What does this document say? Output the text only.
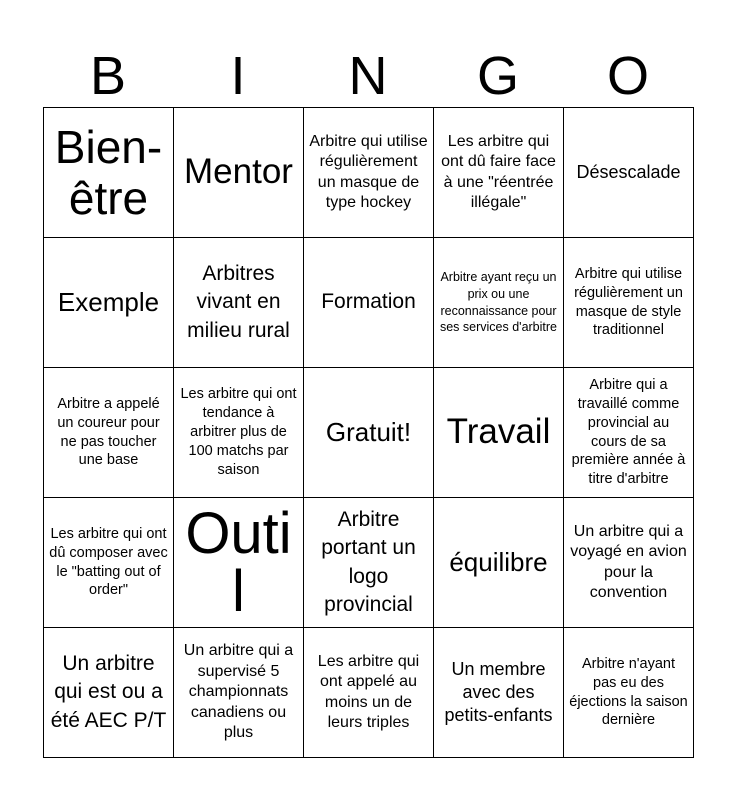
B	I	N	G	O
Bien-être	Mentor	Arbitre qui utilise régulièrement un masque de type hockey	Les arbitre qui ont dû faire face à une "réentrée illégale"	Désescalade
Exemple	Arbitres vivant en milieu rural	Formation	Arbitre ayant reçu un prix ou une reconnaissance pour ses services d'arbitre	Arbitre qui utilise régulièrement un masque de style traditionnel
Arbitre a appelé un coureur pour ne pas toucher une base	Les arbitre qui ont tendance à arbitrer plus de 100 matchs par saison	Gratuit!	Travail	Arbitre qui a travaillé comme provincial au cours de sa première année à titre d'arbitre
Les arbitre qui ont dû composer avec le "batting out of order"	Outil	Arbitre portant un logo provincial	équilibre	Un arbitre qui a voyagé en avion pour la convention
Un arbitre qui est ou a été AEC P/T	Un arbitre qui a supervisé 5 championnats canadiens ou plus	Les arbitre qui ont appelé au moins un de leurs triples	Un membre avec des petits-enfants	Arbitre n'ayant pas eu des éjections la saison dernière
